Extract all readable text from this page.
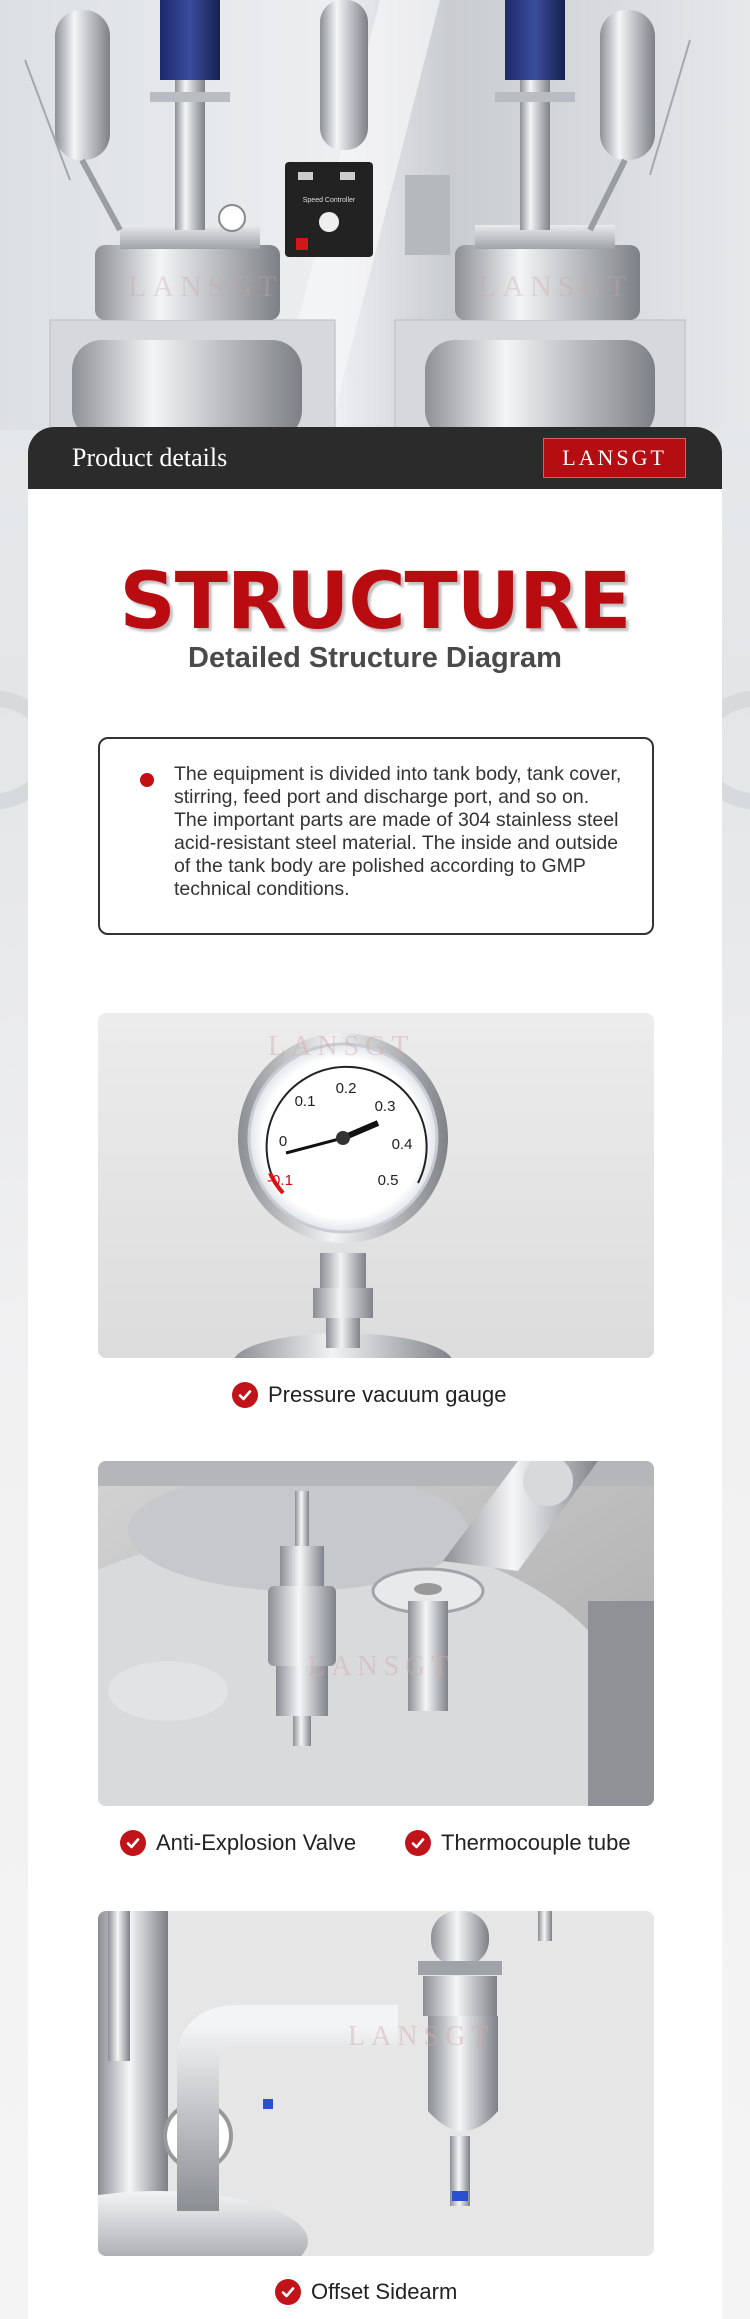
Speed Controller
LANSGT	LANSGT
Product details	LANSGT
STRUCTURE
Detailed Structure Diagram

The equipment is divided into tank body, tank cover, stirring, feed port and discharge port, and so on. The important parts are made of 304 stainless steel acid-resistant steel material. The inside and outside of the tank body are polished according to GMP technical conditions.

-0.1
0
0.1
0.2
0.3
0.4
0.5
LANSGT
Pressure vacuum gauge
LANSGT
Anti-Explosion Valve	Thermocouple tube
LANSGT
Offset Sidearm
